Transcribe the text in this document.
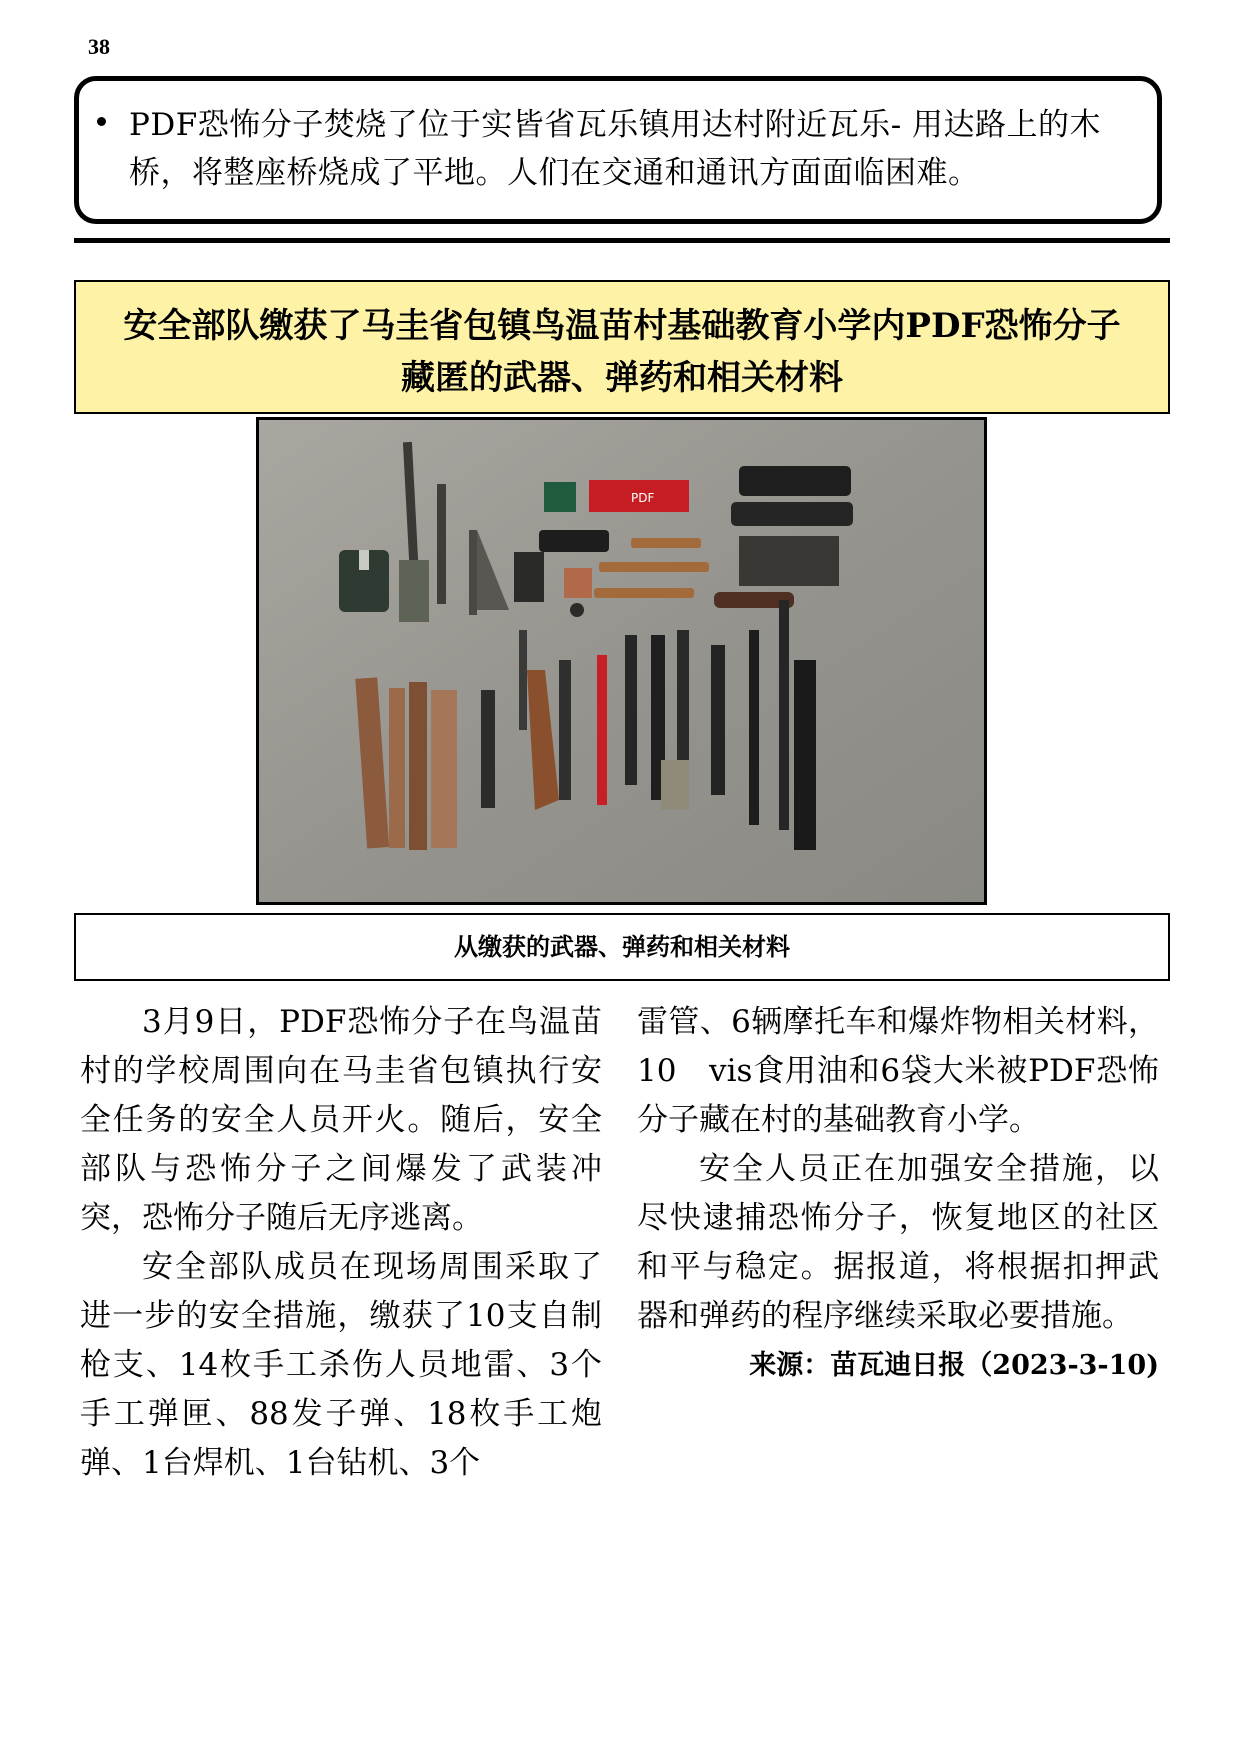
38
PDF恐怖分子焚烧了位于实皆省瓦乐镇用达村附近瓦乐- 用达路上的木桥，将整座桥烧成了平地。人们在交通和通讯方面面临困难。
安全部队缴获了马圭省包镇鸟温苗村基础教育小学内PDF恐怖分子
藏匿的武器、弹药和相关材料
PDF
从缴获的武器、弹药和相关材料

3月9日，PDF恐怖分子在鸟温苗村的学校周围向在马圭省包镇执行安全任务的安全人员开火。随后，安全部队与恐怖分子之间爆发了武装冲突，恐怖分子随后无序逃离。

安全部队成员在现场周围采取了进一步的安全措施，缴获了10支自制枪支、14枚手工杀伤人员地雷、3个手工弹匣、88发子弹、18枚手工炮弹、1台焊机、1台钻机、3个

雷管、6辆摩托车和爆炸物相关材料，10　vis食用油和6袋大米被PDF恐怖分子藏在村的基础教育小学。

安全人员正在加强安全措施，以尽快逮捕恐怖分子，恢复地区的社区和平与稳定。据报道，将根据扣押武器和弹药的程序继续采取必要措施。

来源：苗瓦迪日报（2023-3-10)
